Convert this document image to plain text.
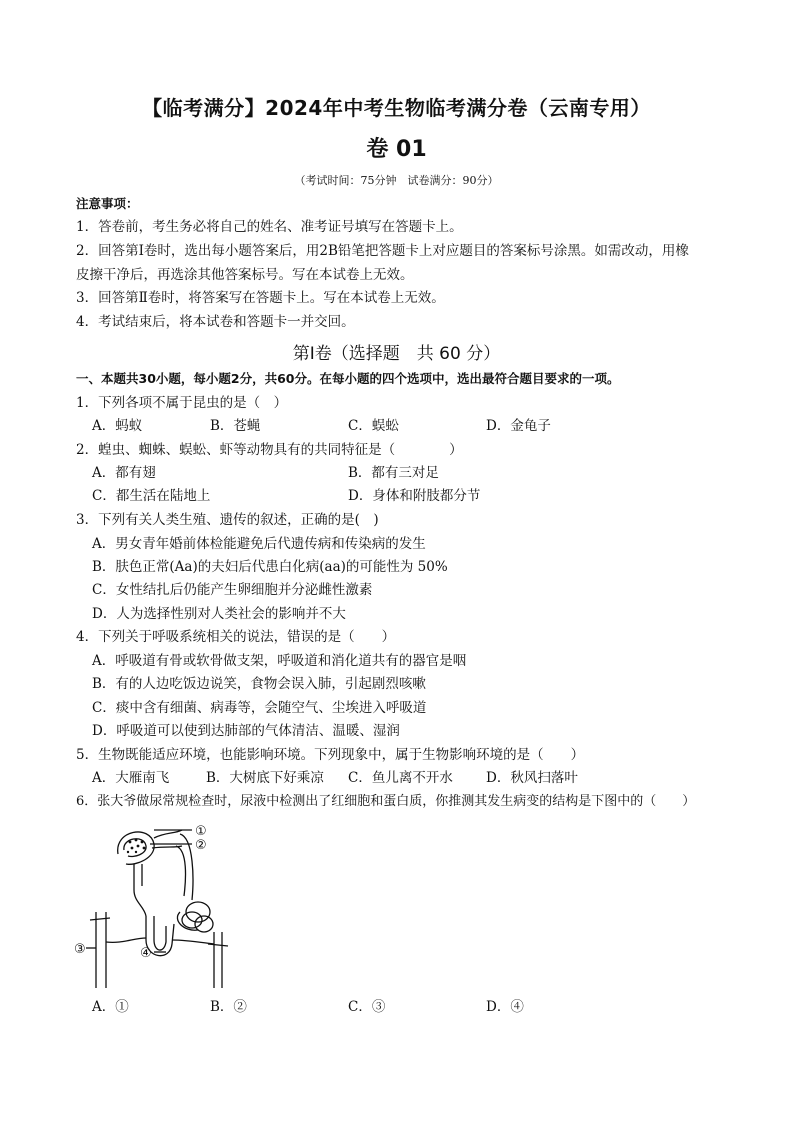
【临考满分】2024年中考生物临考满分卷（云南专用）
卷 01
（考试时间：75分钟　试卷满分：90分）
注意事项：
1．答卷前，考生务必将自己的姓名、准考证号填写在答题卡上。
2．回答第Ⅰ卷时，选出每小题答案后，用2B铅笔把答题卡上对应题目的答案标号涂黑。如需改动，用橡
皮擦干净后，再选涂其他答案标号。写在本试卷上无效。
3．回答第Ⅱ卷时，将答案写在答题卡上。写在本试卷上无效。
4．考试结束后，将本试卷和答题卡一并交回。
第Ⅰ卷（选择题　共 60 分）
一、本题共30小题，每小题2分，共60分。在每小题的四个选项中，选出最符合题目要求的一项。
1．下列各项不属于昆虫的是（　）
A．蚂蚁	B．苍蝇	C．蜈蚣	D．金龟子
2．蝗虫、蜘蛛、蜈蚣、虾等动物具有的共同特征是（　　　　）
A．都有翅	B．都有三对足
C．都生活在陆地上	D．身体和附肢都分节
3．下列有关人类生殖、遗传的叙述，正确的是(　)
A．男女青年婚前体检能避免后代遗传病和传染病的发生
B．肤色正常(Aa)的夫妇后代患白化病(aa)的可能性为 50%
C．女性结扎后仍能产生卵细胞并分泌雌性激素
D．人为选择性别对人类社会的影响并不大
4．下列关于呼吸系统相关的说法，错误的是（　　）
A．呼吸道有骨或软骨做支架，呼吸道和消化道共有的器官是咽
B．有的人边吃饭边说笑，食物会误入肺，引起剧烈咳嗽
C．痰中含有细菌、病毒等，会随空气、尘埃进入呼吸道
D．呼吸道可以使到达肺部的气体清洁、温暖、湿润
5．生物既能适应环境，也能影响环境。下列现象中，属于生物影响环境的是（　　）
A．大雁南飞	B．大树底下好乘凉 C．鱼儿离不开水 D．秋风扫落叶
6．张大爷做尿常规检查时，尿液中检测出了红细胞和蛋白质，你推测其发生病变的结构是下图中的（　　）
①
②
③	④
A．①	B．②	C．③	D．④
